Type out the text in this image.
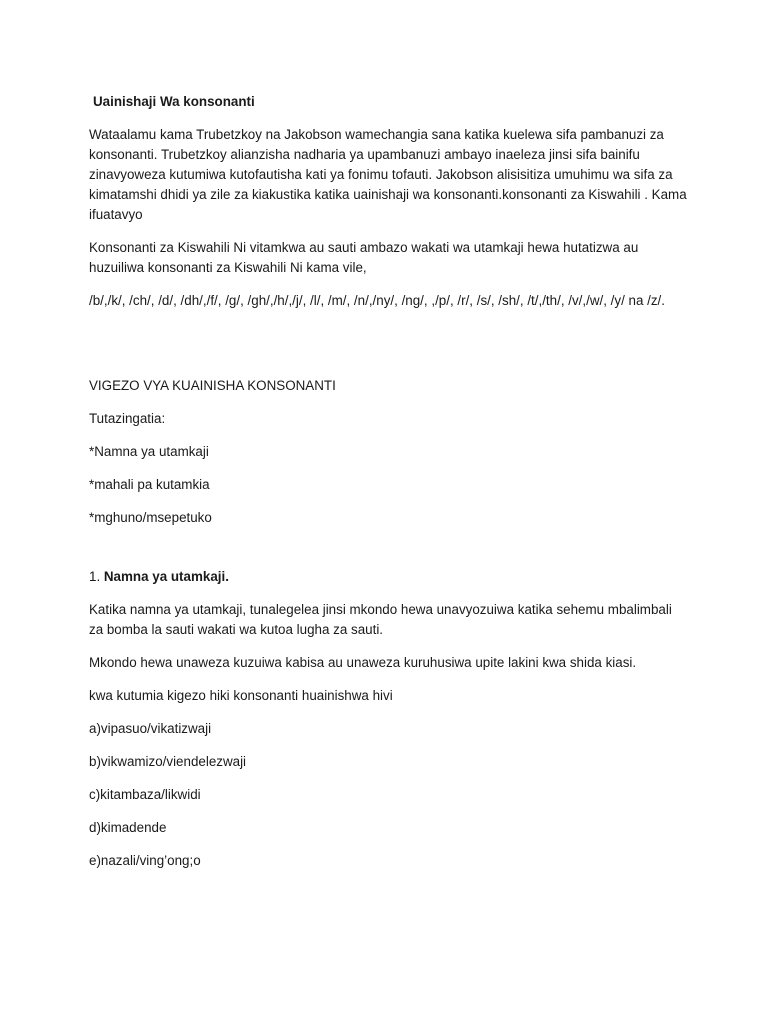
Uainishaji Wa konsonanti

Wataalamu kama Trubetzkoy na Jakobson wamechangia sana katika kuelewa sifa pambanuzi za konsonanti. Trubetzkoy alianzisha nadharia ya upambanuzi ambayo inaeleza jinsi sifa bainifu zinavyoweza kutumiwa kutofautisha kati ya fonimu tofauti. Jakobson alisisitiza umuhimu wa sifa za kimatamshi dhidi ya zile za kiakustika katika uainishaji wa konsonanti.konsonanti za Kiswahili . Kama ifuatavyo

Konsonanti za Kiswahili Ni vitamkwa au sauti ambazo wakati wa utamkaji hewa hutatizwa au huzuiliwa konsonanti za Kiswahili Ni kama vile,

/b/,/k/, /ch/, /d/, /dh/,/f/, /g/, /gh/,/h/,/j/, /l/, /m/, /n/,/ny/, /ng/, ,/p/, /r/, /s/, /sh/, /t/,/th/, /v/,/w/, /y/ na /z/.

VIGEZO VYA KUAINISHA KONSONANTI

Tutazingatia:

*Namna ya utamkaji

*mahali pa kutamkia

*mghuno/msepetuko

1. Namna ya utamkaji.

Katika namna ya utamkaji, tunalegelea jinsi mkondo hewa unavyozuiwa katika sehemu mbalimbali za bomba la sauti wakati wa kutoa lugha za sauti.

Mkondo hewa unaweza kuzuiwa kabisa au unaweza kuruhusiwa upite lakini kwa shida kiasi.

kwa kutumia kigezo hiki konsonanti huainishwa hivi

a)vipasuo/vikatizwaji

b)vikwamizo/viendelezwaji

c)kitambaza/likwidi

d)kimadende

e)nazali/ving’ong;o
